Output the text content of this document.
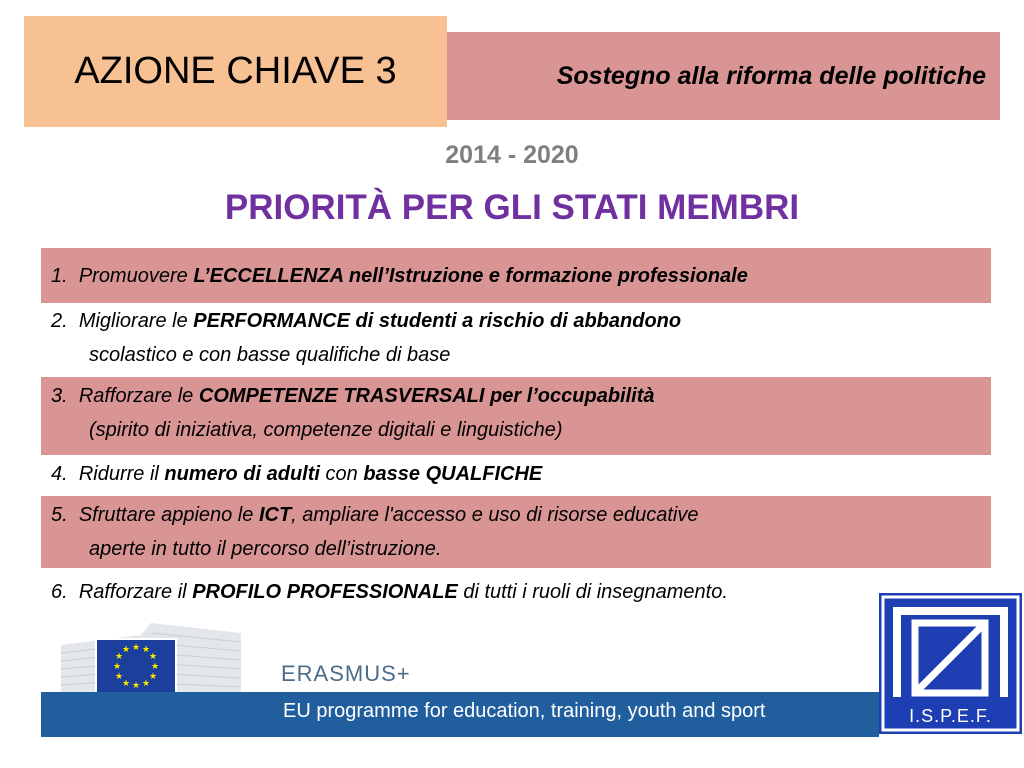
AZIONE CHIAVE 3	Sostegno alla riforma delle politiche
2014 - 2020
PRIORITÀ PER GLI STATI MEMBRI
1. Promuovere L’ECCELLENZA nell’Istruzione e formazione professionale
2. Migliorare le PERFORMANCE di studenti a rischio di abbandono
scolastico e con basse qualifiche di base
3. Rafforzare le COMPETENZE TRASVERSALI per l’occupabilità
(spirito di iniziativa, competenze digitali e linguistiche)
4. Ridurre il numero di adulti con basse QUALFICHE
5. Sfruttare appieno le ICT, ampliare l'accesso e uso di risorse educative
aperte in tutto il percorso dell’istruzione.
6. Rafforzare il PROFILO PROFESSIONALE di tutti i ruoli di insegnamento.
★ ★
★
★
★
★
★
★
★
★
★
★
ERASMUS+
EU programme for education, training, youth and sport	I.S.P.E.F.
